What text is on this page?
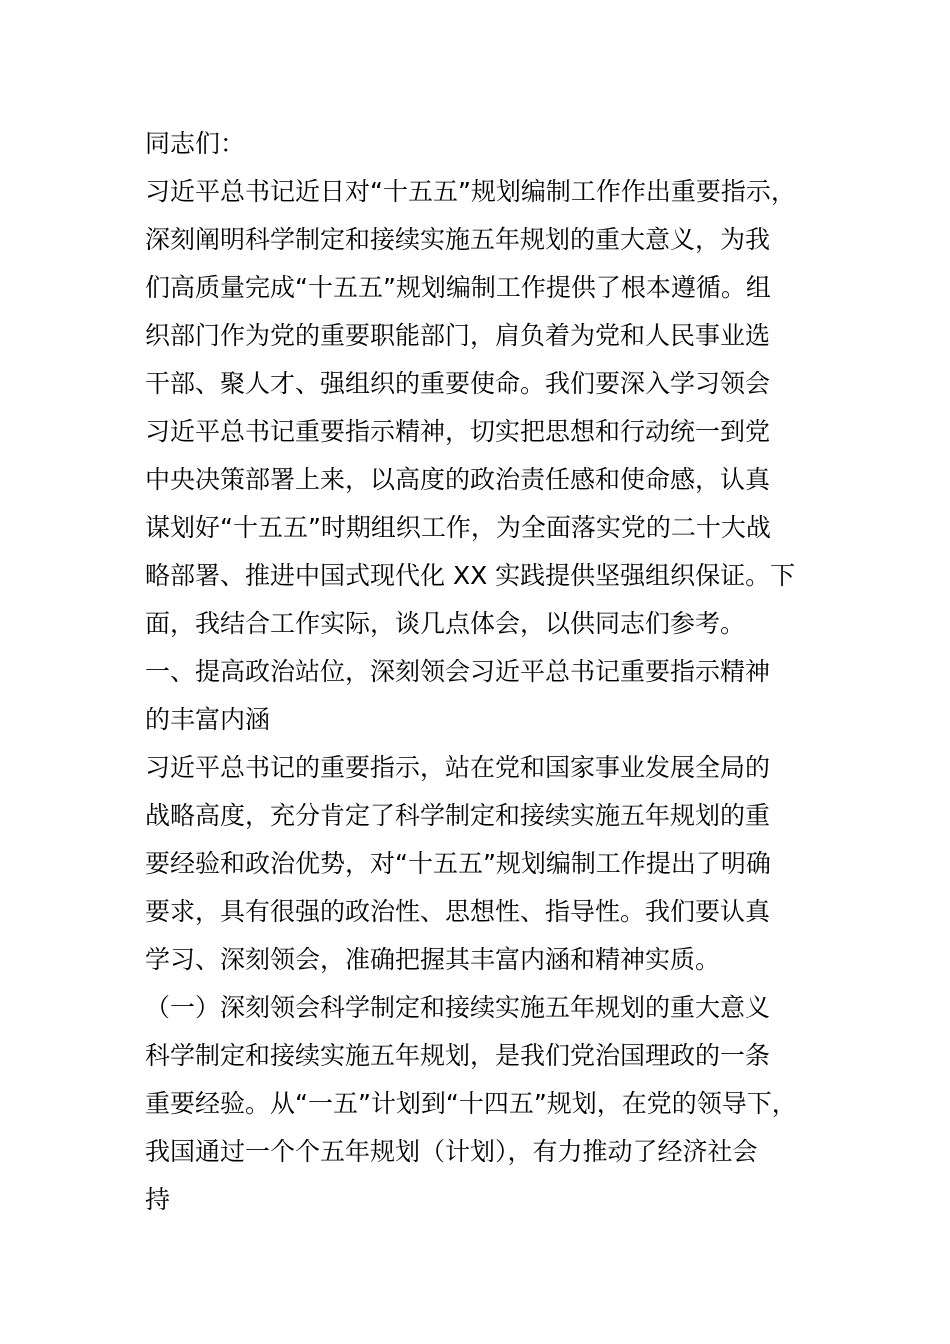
同志们：
习近平总书记近日对“十五五”规划编制工作作出重要指示，
深刻阐明科学制定和接续实施五年规划的重大意义，为我
们高质量完成“十五五”规划编制工作提供了根本遵循。组
织部门作为党的重要职能部门，肩负着为党和人民事业选
干部、聚人才、强组织的重要使命。我们要深入学习领会
习近平总书记重要指示精神，切实把思想和行动统一到党
中央决策部署上来，以高度的政治责任感和使命感，认真
谋划好“十五五”时期组织工作，为全面落实党的二十大战
略部署、推进中国式现代化 XX 实践提供坚强组织保证。下
面，我结合工作实际，谈几点体会，以供同志们参考。
一、提高政治站位，深刻领会习近平总书记重要指示精神
的丰富内涵
习近平总书记的重要指示，站在党和国家事业发展全局的
战略高度，充分肯定了科学制定和接续实施五年规划的重
要经验和政治优势，对“十五五”规划编制工作提出了明确
要求，具有很强的政治性、思想性、指导性。我们要认真
学习、深刻领会，准确把握其丰富内涵和精神实质。
（一）深刻领会科学制定和接续实施五年规划的重大意义
科学制定和接续实施五年规划，是我们党治国理政的一条
重要经验。从“一五”计划到“十四五”规划，在党的领导下，
我国通过一个个五年规划（计划），有力推动了经济社会
持
